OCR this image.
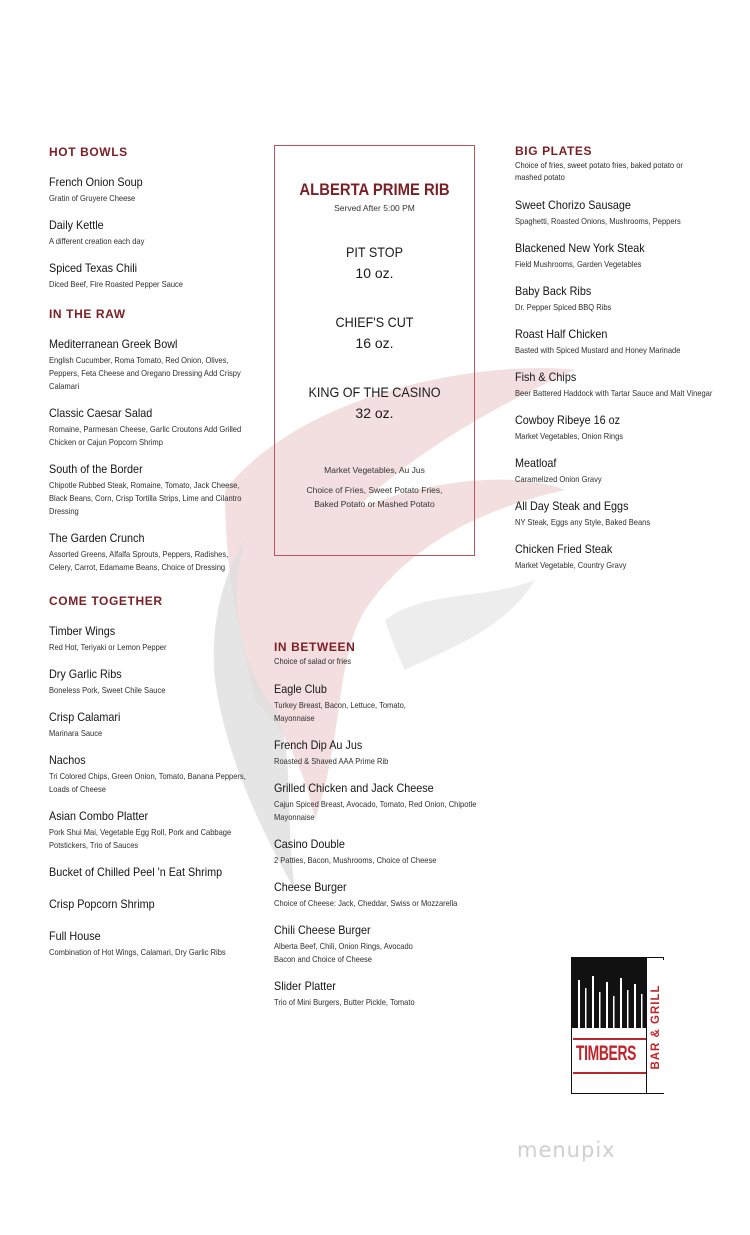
HOT BOWLS
French Onion Soup
Gratin of Gruyere Cheese
Daily Kettle
A different creation each day
Spiced Texas Chili
Diced Beef, Fire Roasted Pepper Sauce
IN THE RAW
Mediterranean Greek Bowl
English Cucumber, Roma Tomato, Red Onion, Olives, Peppers, Feta Cheese and Oregano Dressing Add Crispy Calamari
Classic Caesar Salad
Romaine, Parmesan Cheese, Garlic Croutons Add Grilled Chicken or Cajun Popcorn Shrimp
South of the Border
Chipotle Rubbed Steak, Romaine, Tomato, Jack Cheese, Black Beans, Corn, Crisp Tortilla Strips, Lime and Cilantro Dressing
The Garden Crunch
Assorted Greens, Alfalfa Sprouts, Peppers, Radishes, Celery, Carrot, Edamame Beans, Choice of Dressing
COME TOGETHER
Timber Wings
Red Hot, Teriyaki or Lemon Pepper
Dry Garlic Ribs
Boneless Pork, Sweet Chile Sauce
Crisp Calamari
Marinara Sauce
Nachos
Tri Colored Chips, Green Onion, Tomato, Banana Peppers, Loads of Cheese
Asian Combo Platter
Pork Shui Mai, Vegetable Egg Roll, Pork and Cabbage Potstickers, Trio of Sauces
Bucket of Chilled Peel 'n Eat Shrimp
Crisp Popcorn Shrimp
Full House
Combination of Hot Wings, Calamari, Dry Garlic Ribs
ALBERTA PRIME RIB
Served After 5:00 PM
PIT STOP
10 oz.
CHIEF'S CUT
16 oz.
KING OF THE CASINO
32 oz.
Market Vegetables, Au Jus
Choice of Fries, Sweet Potato Fries, Baked Potato or Mashed Potato
IN BETWEEN
Choice of salad or fries
Eagle Club
Turkey Breast, Bacon, Lettuce, Tomato, Mayonnaise
French Dip Au Jus
Roasted & Shaved AAA Prime Rib
Grilled Chicken and Jack Cheese
Cajun Spiced Breast, Avocado, Tomato, Red Onion, Chipotle Mayonnaise
Casino Double
2 Patties, Bacon, Mushrooms, Choice of Cheese
Cheese Burger
Choice of Cheese: Jack, Cheddar, Swiss or Mozzarella
Chili Cheese Burger
Alberta Beef, Chili, Onion Rings, Avocado Bacon and Choice of Cheese
Slider Platter
Trio of Mini Burgers, Butter Pickle, Tomato
BIG PLATES
Choice of fries, sweet potato fries, baked potato or mashed potato
Sweet Chorizo Sausage
Spaghetti, Roasted Onions, Mushrooms, Peppers
Blackened New York Steak
Field Mushrooms, Garden Vegetables
Baby Back Ribs
Dr. Pepper Spiced BBQ Ribs
Roast Half Chicken
Basted with Spiced Mustard and Honey Marinade
Fish & Chips
Beer Battered Haddock with Tartar Sauce and Malt Vinegar
Cowboy Ribeye 16 oz
Market Vegetables, Onion Rings
Meatloaf
Caramelized Onion Gravy
All Day Steak and Eggs
NY Steak, Eggs any Style, Baked Beans
Chicken Fried Steak
Market Vegetable, Country Gravy
TIMBERS BAR & GRILL
menupix
